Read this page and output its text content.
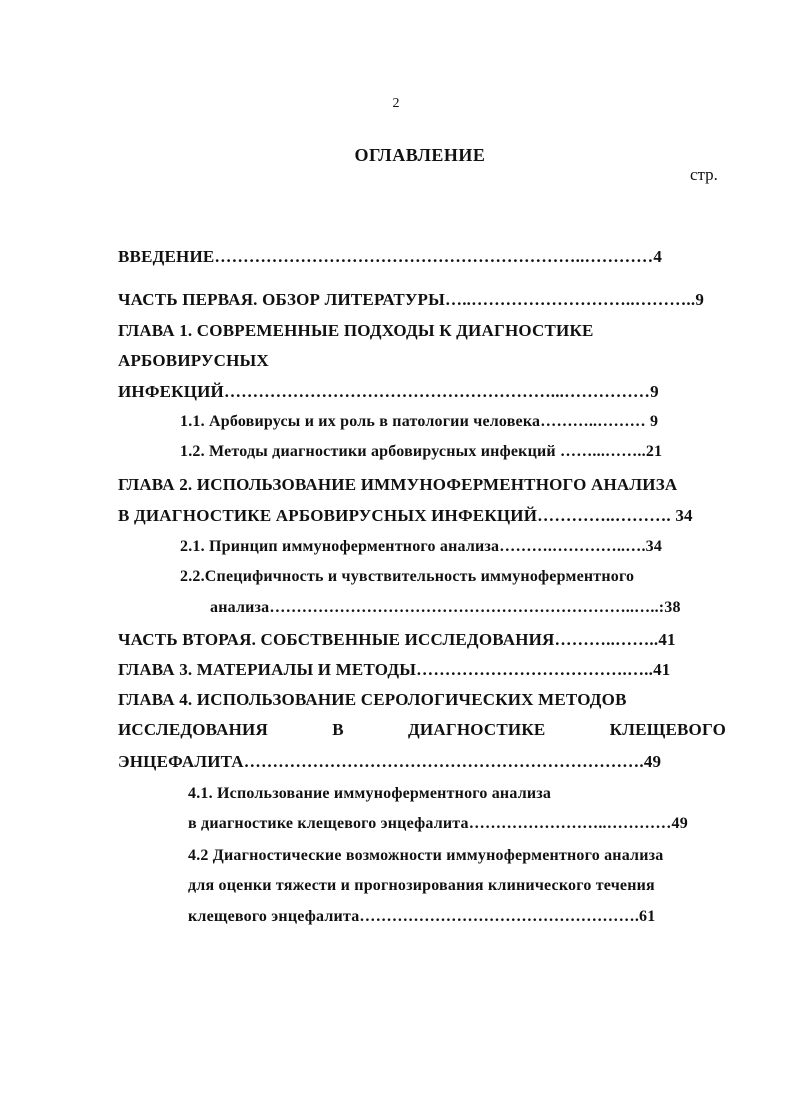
2
ОГЛАВЛЕНИЕ
стр.
ВВЕДЕНИЕ………………………………………………………..…………4
ЧАСТЬ ПЕРВАЯ. ОБЗОР ЛИТЕРАТУРЫ…..………………………..………..9
ГЛАВА 1. СОВРЕМЕННЫЕ ПОДХОДЫ К ДИАГНОСТИКЕ
АРБОВИРУСНЫХ
ИНФЕКЦИЙ…………………………………………………...……………9
1.1. Арбовирусы и их роль в патологии человека………..……… 9
1.2. Методы диагностики арбовирусных инфекций ……...……..21
ГЛАВА 2. ИСПОЛЬЗОВАНИЕ ИММУНОФЕРМЕНТНОГО АНАЛИЗА
В ДИАГНОСТИКЕ АРБОВИРУСНЫХ ИНФЕКЦИЙ…………..………. 34
2.1. Принцип иммуноферментного анализа……….…………..….34
2.2.Специфичность и чувствительность иммуноферментного
анализа…………………………………………………………..…..:38
ЧАСТЬ ВТОРАЯ. СОБСТВЕННЫЕ ИССЛЕДОВАНИЯ………..……..41
ГЛАВА 3. МАТЕРИАЛЫ И МЕТОДЫ……………………………….…..41
ГЛАВА 4. ИСПОЛЬЗОВАНИЕ СЕРОЛОГИЧЕСКИХ МЕТОДОВ
ИССЛЕДОВАНИЯ	В	ДИАГНОСТИКЕ	КЛЕЩЕВОГО
ЭНЦЕФАЛИТА…………………………………………………………….49
4.1. Использование иммуноферментного анализа
в диагностике клещевого энцефалита……………………..…………49
4.2 Диагностические возможности иммуноферментного анализа
для оценки тяжести и прогнозирования клинического течения
клещевого энцефалита…………………………………………….61
